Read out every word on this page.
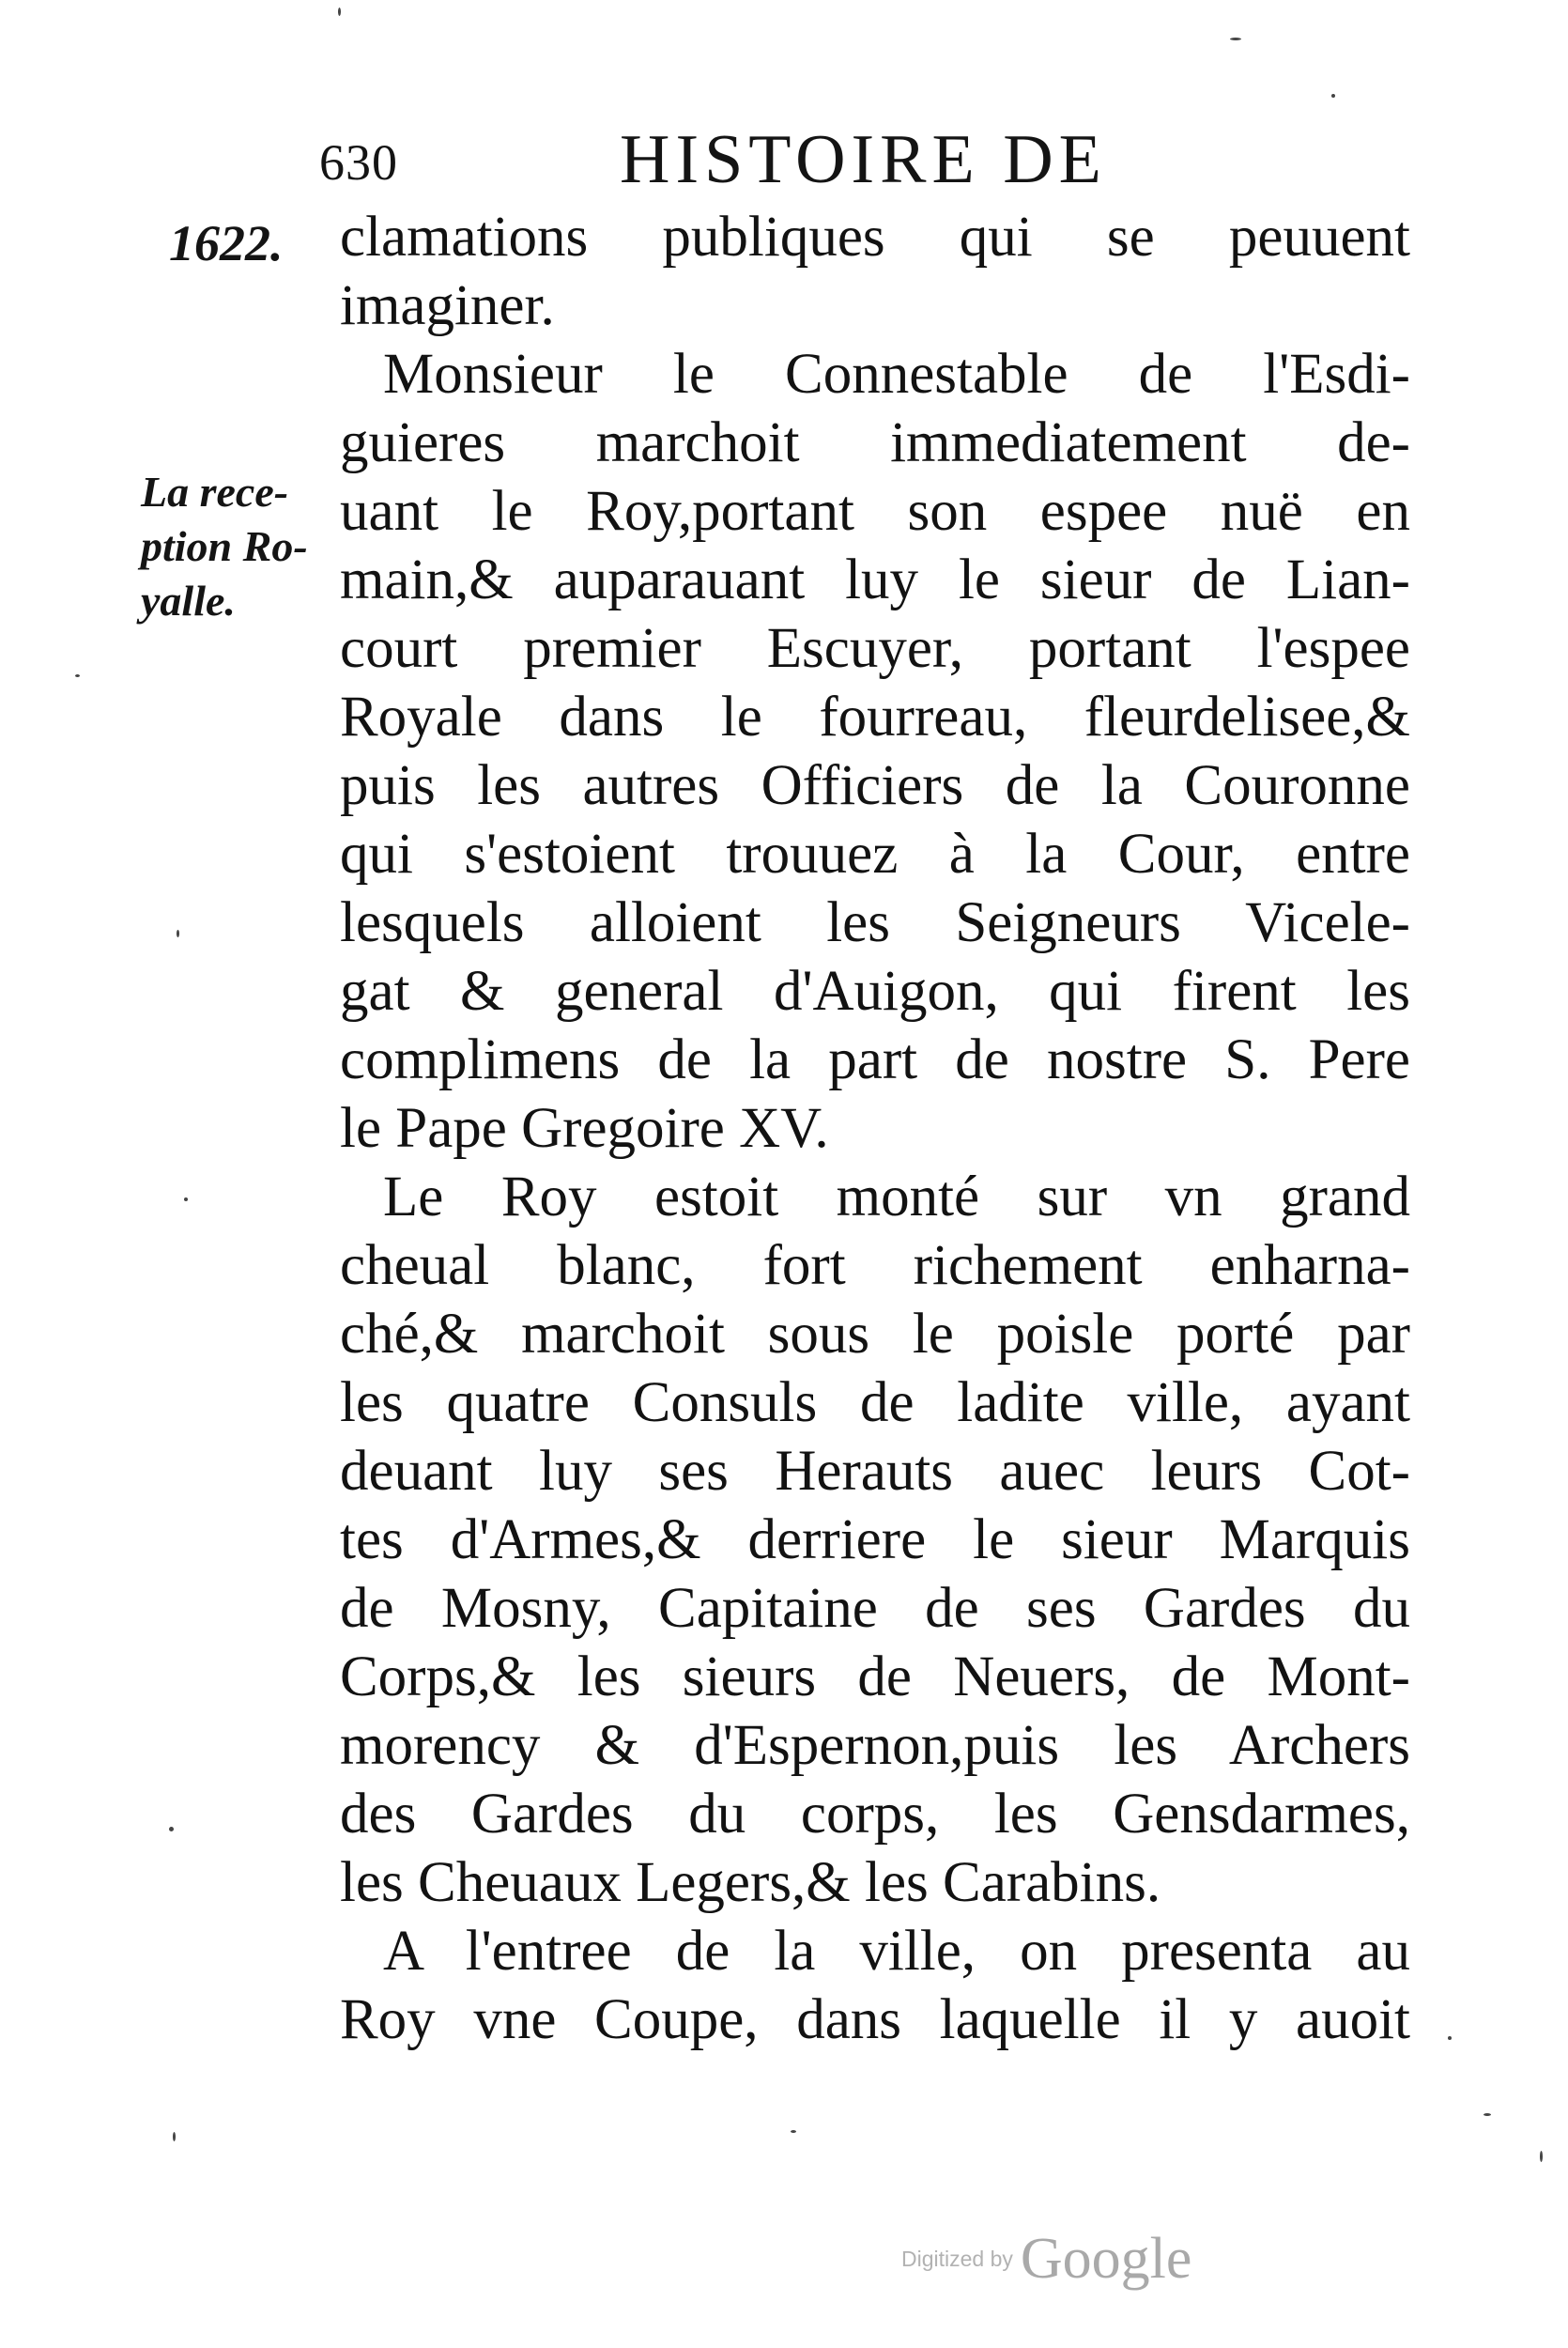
630	HISTOIRE DE
1622.
La rece-
ption Ro-
yalle.
clamations publiques qui se peuuent
imaginer.
Monsieur le Connestable de l'Esdi-
guieres marchoit immediatement de-
uant le Roy,portant son espee nuë en
main,& auparauant luy le sieur de Lian-
court premier Escuyer, portant l'espee
Royale dans le fourreau, fleurdelisee,&
puis les autres Officiers de la Couronne
qui s'estoient trouuez à la Cour, entre
lesquels alloient les Seigneurs Vicele-
gat & general d'Auigon, qui firent les
complimens de la part de nostre S. Pere
le Pape Gregoire XV.
Le Roy estoit monté sur vn grand
cheual blanc, fort richement enharna-
ché,& marchoit sous le poisle porté par
les quatre Consuls de ladite ville, ayant
deuant luy ses Herauts auec leurs Cot-
tes d'Armes,& derriere le sieur Marquis
de Mosny, Capitaine de ses Gardes du
Corps,& les sieurs de Neuers, de Mont-
morency & d'Espernon,puis les Archers
des Gardes du corps, les Gensdarmes,
les Cheuaux Legers,& les Carabins.
A l'entree de la ville, on presenta au
Roy vne Coupe, dans laquelle il y auoit
Digitized by Google
